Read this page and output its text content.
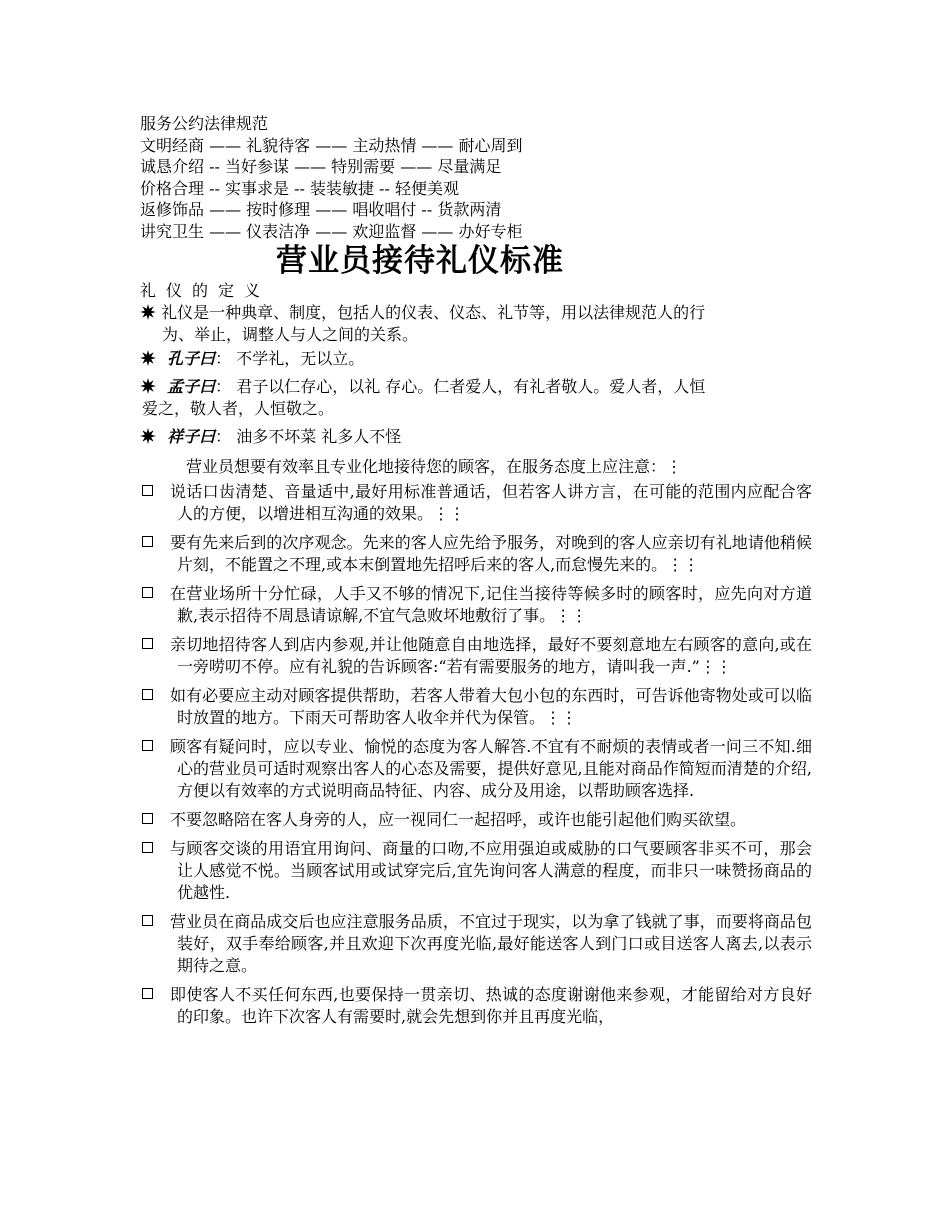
服务公约法律规范
文明经商 —— 礼貌待客 —— 主动热情 —— 耐心周到
诚恳介绍 -- 当好参谋 —— 特别需要 —— 尽量满足
价格合理 -- 实事求是 -- 装装敏捷 -- 轻便美观
返修饰品 —— 按时修理 —— 唱收唱付 -- 货款两清
讲究卫生 —— 仪表洁净 —— 欢迎监督 —— 办好专柜
营业员接待礼仪标准
礼仪的定义
礼仪是一种典章、制度，包括人的仪表、仪态、礼节等，用以法律规范人的行
为、举止，调整人与人之间的关系。
孔子曰： 不学礼，无以立。
孟子曰： 君子以仁存心，以礼 存心。仁者爱人，有礼者敬人。爱人者，人恒
爱之，敬人者，人恒敬之。
祥子曰： 油多不坏菜 礼多人不怪
营业员想要有效率且专业化地接待您的顾客，在服务态度上应注意：⋮
说话口齿清楚、音量适中,最好用标准普通话，但若客人讲方言，在可能的范围内应配合客人的方便，以增进相互沟通的效果。⋮⋮
要有先来后到的次序观念。先来的客人应先给予服务，对晚到的客人应亲切有礼地请他稍候片刻，不能置之不理,或本末倒置地先招呼后来的客人,而怠慢先来的。⋮⋮
在营业场所十分忙碌，人手又不够的情况下,记住当接待等候多时的顾客时，应先向对方道歉,表示招待不周恳请谅解,不宜气急败坏地敷衍了事。⋮⋮
亲切地招待客人到店内参观,并让他随意自由地选择，最好不要刻意地左右顾客的意向,或在一旁唠叨不停。应有礼貌的告诉顾客:“若有需要服务的地方，请叫我一声.”⋮⋮
如有必要应主动对顾客提供帮助，若客人带着大包小包的东西时，可告诉他寄物处或可以临时放置的地方。下雨天可帮助客人收伞并代为保管。⋮⋮
顾客有疑问时，应以专业、愉悦的态度为客人解答.不宜有不耐烦的表情或者一问三不知.细心的营业员可适时观察出客人的心态及需要，提供好意见,且能对商品作简短而清楚的介绍,方便以有效率的方式说明商品特征、内容、成分及用途，以帮助顾客选择.
不要忽略陪在客人身旁的人，应一视同仁一起招呼，或许也能引起他们购买欲望。
与顾客交谈的用语宜用询问、商量的口吻,不应用强迫或威胁的口气要顾客非买不可，那会让人感觉不悦。当顾客试用或试穿完后,宜先询问客人满意的程度，而非只一味赞扬商品的优越性.
营业员在商品成交后也应注意服务品质，不宜过于现实，以为拿了钱就了事，而要将商品包装好，双手奉给顾客,并且欢迎下次再度光临,最好能送客人到门口或目送客人离去,以表示期待之意。
即使客人不买任何东西,也要保持一贯亲切、热诚的态度谢谢他来参观，才能留给对方良好的印象。也许下次客人有需要时,就会先想到你并且再度光临，
